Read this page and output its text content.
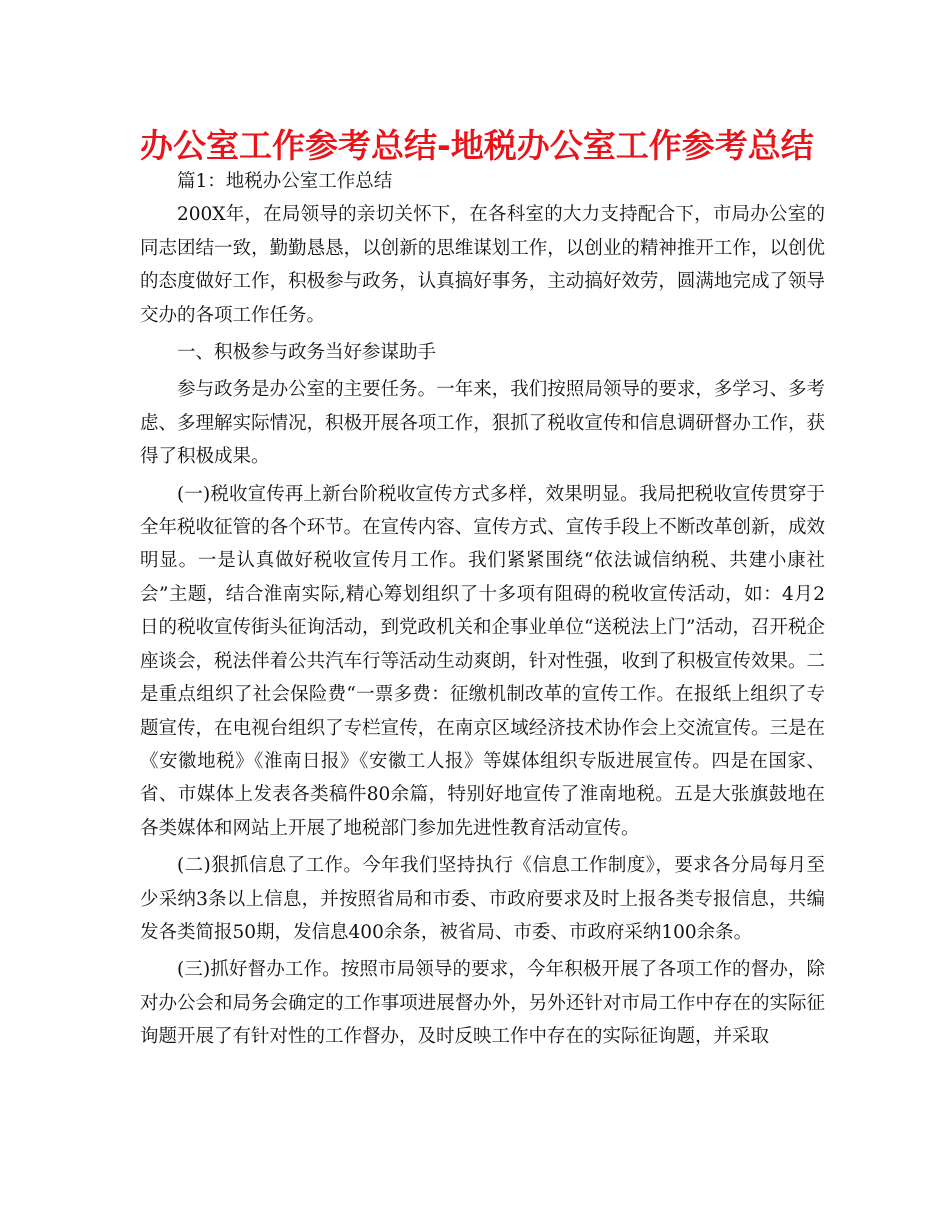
办公室工作参考总结-地税办公室工作参考总结

篇1：地税办公室工作总结

200X年，在局领导的亲切关怀下，在各科室的大力支持配合下，市局办公室的同志团结一致，勤勤恳恳，以创新的思维谋划工作，以创业的精神推开工作，以创优的态度做好工作，积极参与政务，认真搞好事务，主动搞好效劳，圆满地完成了领导交办的各项工作任务。

一、积极参与政务当好参谋助手

参与政务是办公室的主要任务。一年来，我们按照局领导的要求，多学习、多考虑、多理解实际情况，积极开展各项工作，狠抓了税收宣传和信息调研督办工作，获得了积极成果。

(一)税收宣传再上新台阶税收宣传方式多样，效果明显。我局把税收宣传贯穿于全年税收征管的各个环节。在宣传内容、宣传方式、宣传手段上不断改革创新，成效明显。一是认真做好税收宣传月工作。我们紧紧围绕“依法诚信纳税、共建小康社会”主题，结合淮南实际,精心筹划组织了十多项有阻碍的税收宣传活动，如：4月2日的税收宣传街头征询活动，到党政机关和企事业单位“送税法上门”活动，召开税企座谈会，税法伴着公共汽车行等活动生动爽朗，针对性强，收到了积极宣传效果。二是重点组织了社会保险费“一票多费：征缴机制改革的宣传工作。在报纸上组织了专题宣传，在电视台组织了专栏宣传，在南京区域经济技术协作会上交流宣传。三是在《安徽地税》《淮南日报》《安徽工人报》等媒体组织专版进展宣传。四是在国家、省、市媒体上发表各类稿件80余篇，特别好地宣传了淮南地税。五是大张旗鼓地在各类媒体和网站上开展了地税部门参加先进性教育活动宣传。

(二)狠抓信息了工作。今年我们坚持执行《信息工作制度》，要求各分局每月至少采纳3条以上信息，并按照省局和市委、市政府要求及时上报各类专报信息，共编发各类简报50期，发信息400余条，被省局、市委、市政府采纳100余条。

(三)抓好督办工作。按照市局领导的要求，今年积极开展了各项工作的督办，除对办公会和局务会确定的工作事项进展督办外，另外还针对市局工作中存在的实际征询题开展了有针对性的工作督办，及时反映工作中存在的实际征询题，并采取
